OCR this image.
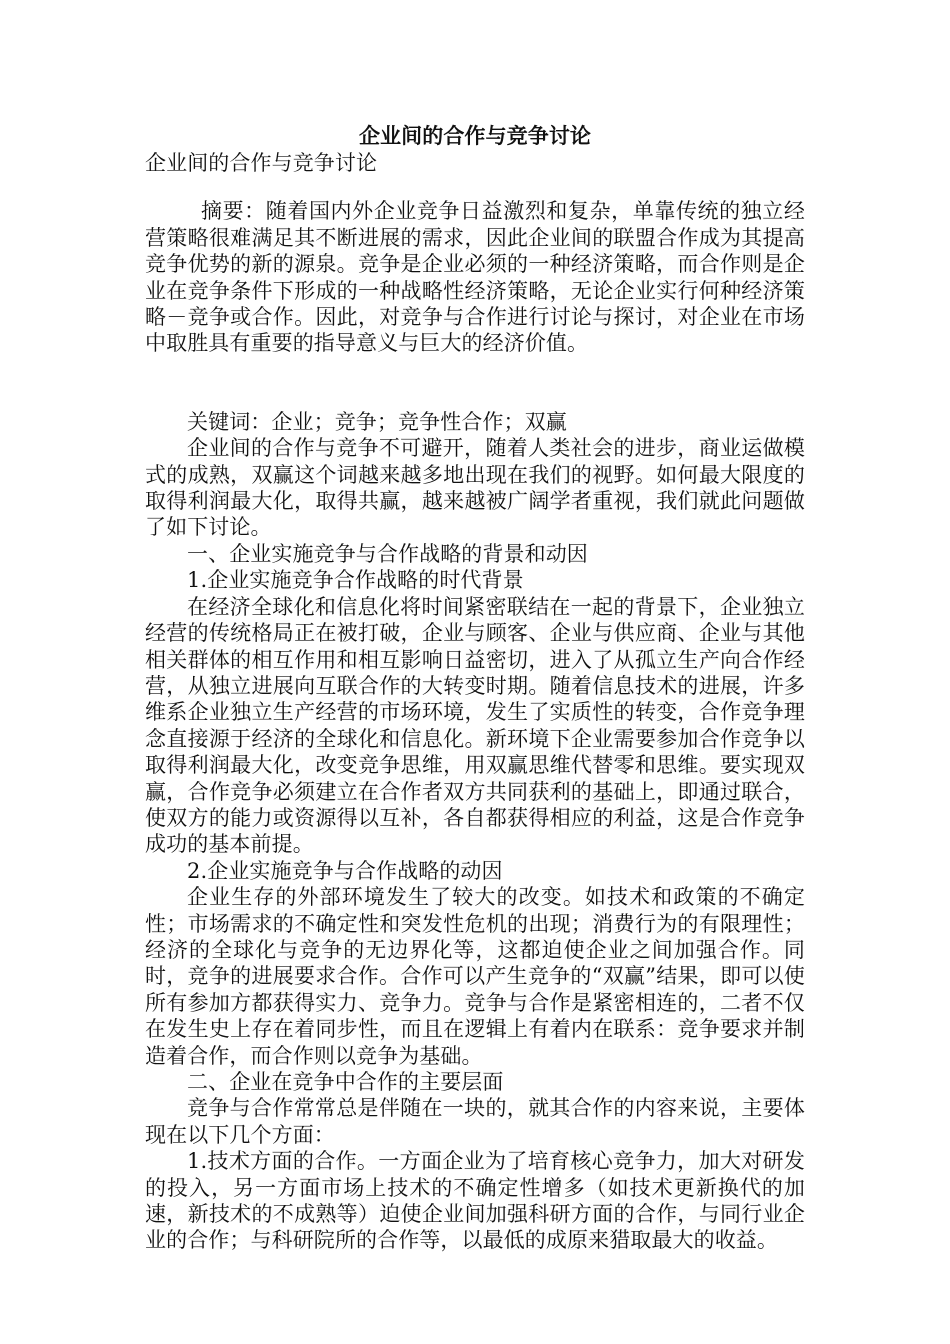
企业间的合作与竞争讨论

企业间的合作与竞争讨论

摘要：随着国内外企业竞争日益激烈和复杂，单靠传统的独立经营策略很难满足其不断进展的需求，因此企业间的联盟合作成为其提高竞争优势的新的源泉。竞争是企业必须的一种经济策略，而合作则是企业在竞争条件下形成的一种战略性经济策略，无论企业实行何种经济策略－竞争或合作。因此，对竞争与合作进行讨论与探讨，对企业在市场中取胜具有重要的指导意义与巨大的经济价值。

关键词：企业；竞争；竞争性合作；双赢

企业间的合作与竞争不可避开，随着人类社会的进步，商业运做模式的成熟，双赢这个词越来越多地出现在我们的视野。如何最大限度的取得利润最大化，取得共赢，越来越被广阔学者重视，我们就此问题做了如下讨论。

一、企业实施竞争与合作战略的背景和动因

1.企业实施竞争合作战略的时代背景

在经济全球化和信息化将时间紧密联结在一起的背景下，企业独立经营的传统格局正在被打破，企业与顾客、企业与供应商、企业与其他相关群体的相互作用和相互影响日益密切，进入了从孤立生产向合作经营，从独立进展向互联合作的大转变时期。随着信息技术的进展，许多维系企业独立生产经营的市场环境，发生了实质性的转变，合作竞争理念直接源于经济的全球化和信息化。新环境下企业需要参加合作竞争以取得利润最大化，改变竞争思维，用双赢思维代替零和思维。要实现双赢，合作竞争必须建立在合作者双方共同获利的基础上，即通过联合，使双方的能力或资源得以互补，各自都获得相应的利益，这是合作竞争成功的基本前提。

2.企业实施竞争与合作战略的动因

企业生存的外部环境发生了较大的改变。如技术和政策的不确定性；市场需求的不确定性和突发性危机的出现；消费行为的有限理性；经济的全球化与竞争的无边界化等，这都迫使企业之间加强合作。同时，竞争的进展要求合作。合作可以产生竞争的“双赢”结果，即可以使所有参加方都获得实力、竞争力。竞争与合作是紧密相连的，二者不仅在发生史上存在着同步性，而且在逻辑上有着内在联系：竞争要求并制造着合作，而合作则以竞争为基础。

二、企业在竞争中合作的主要层面

竞争与合作常常总是伴随在一块的，就其合作的内容来说，主要体现在以下几个方面：

1.技术方面的合作。一方面企业为了培育核心竞争力，加大对研发的投入，另一方面市场上技术的不确定性增多（如技术更新换代的加速，新技术的不成熟等）迫使企业间加强科研方面的合作，与同行业企业的合作；与科研院所的合作等，以最低的成原来猎取最大的收益。
